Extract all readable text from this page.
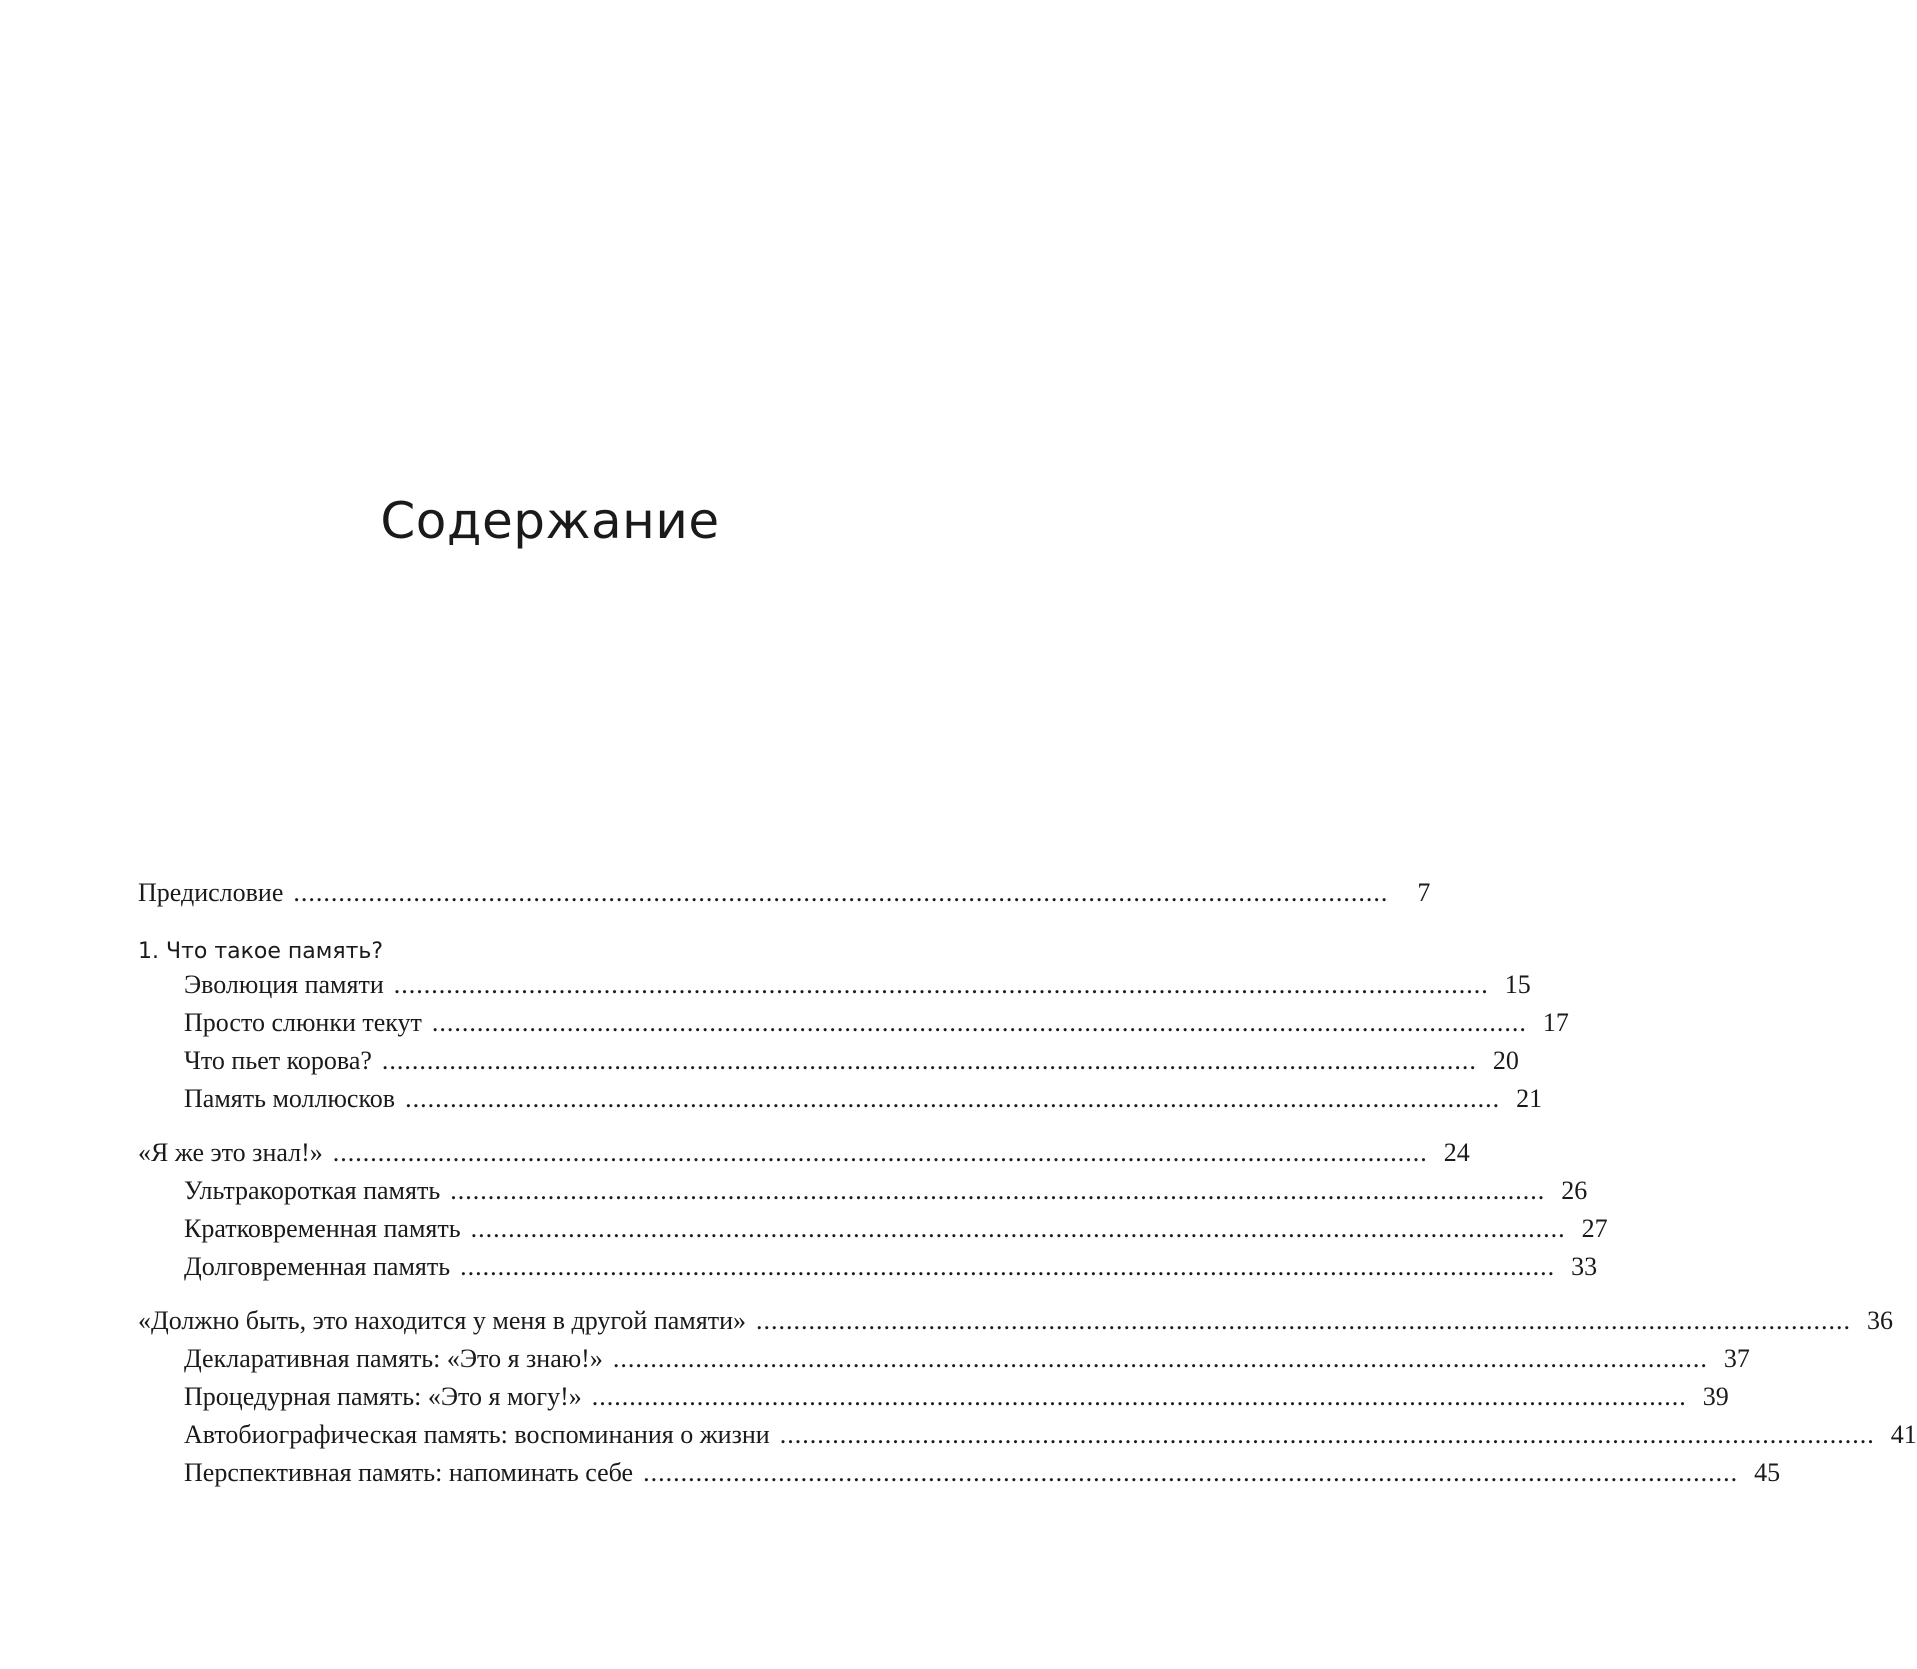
Содержание
Предисловие ..................................................................................................................................................	7
1. Что такое память?
Эволюция памяти .................................................................................................................................................. 15
Просто слюнки текут .................................................................................................................................................. 17
Что пьет корова? .................................................................................................................................................. 20
Память моллюсков .................................................................................................................................................. 21
«Я же это знал!» .................................................................................................................................................. 24
Ультракороткая память .................................................................................................................................................. 26
Кратковременная память .................................................................................................................................................. 27
Долговременная память .................................................................................................................................................. 33
«Должно быть, это находится у меня в другой памяти» .................................................................................................................................................. 36
Декларативная память: «Это я знаю!» .................................................................................................................................................. 37
Процедурная память: «Это я могу!» .................................................................................................................................................. 39
Автобиографическая память: воспоминания о жизни .................................................................................................................................................. 41
Перспективная память: напоминать себе .................................................................................................................................................. 45
